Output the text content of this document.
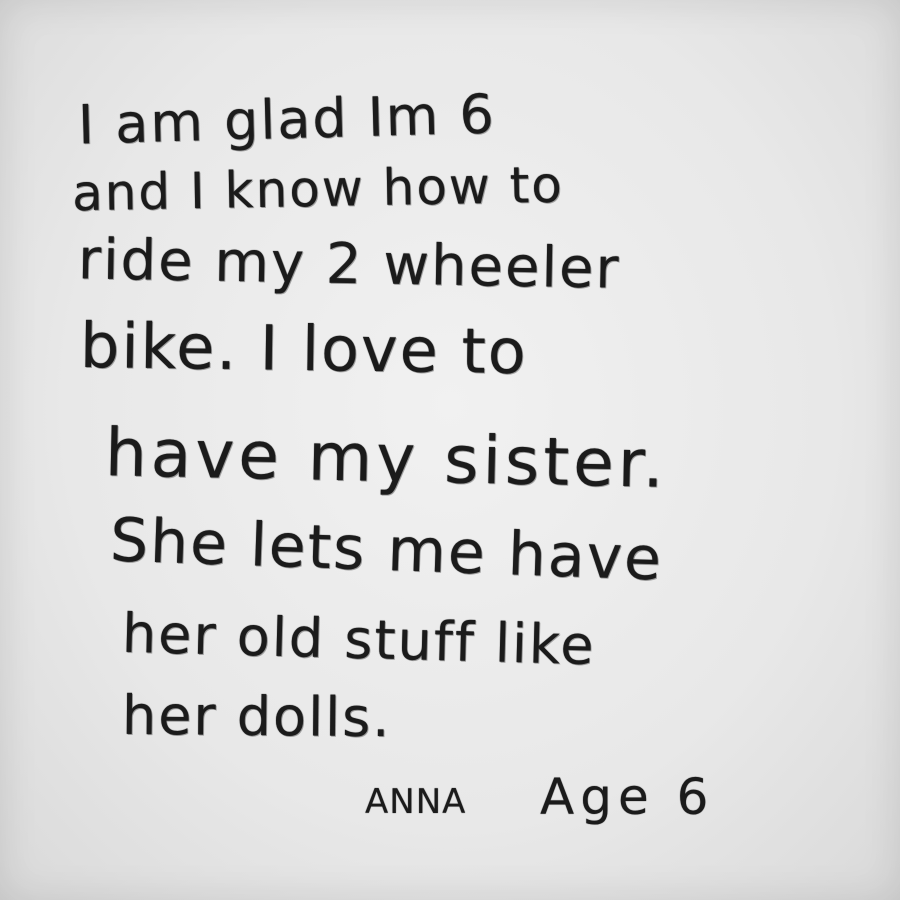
I am glad Im 6
and I know how to
ride my 2 wheeler
bike. I love to
have my sister.
She lets me have
her old stuff like
her dolls.
ANNA Age 6
